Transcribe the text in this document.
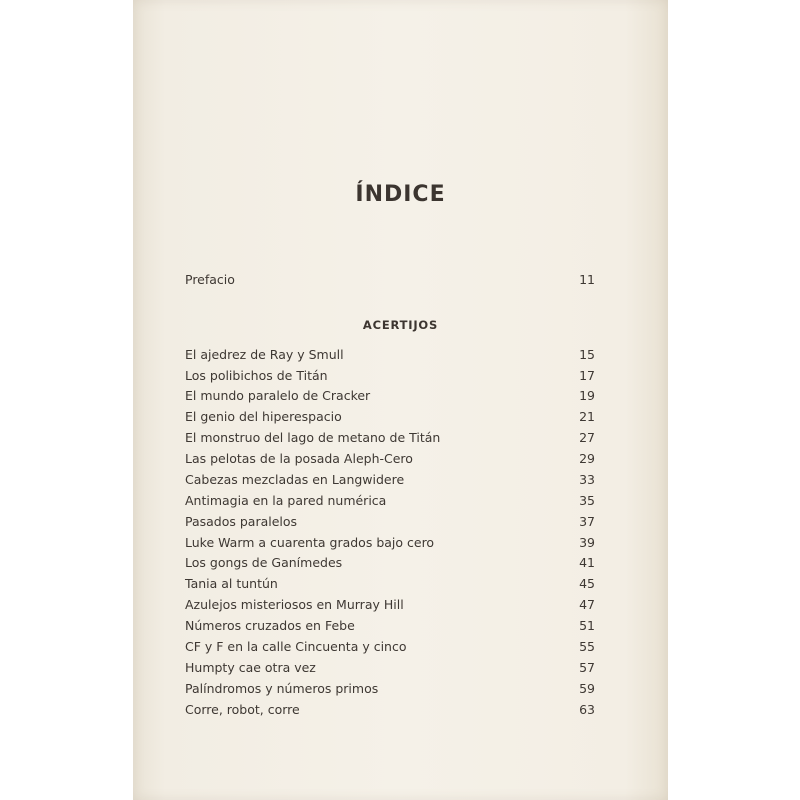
ÍNDICE
Prefacio	11
ACERTIJOS
El ajedrez de Ray y Smull	15
Los polibichos de Titán	17
El mundo paralelo de Cracker	19
El genio del hiperespacio	21
El monstruo del lago de metano de Titán	27
Las pelotas de la posada Aleph-Cero	29
Cabezas mezcladas en Langwidere	33
Antimagia en la pared numérica	35
Pasados paralelos	37
Luke Warm a cuarenta grados bajo cero	39
Los gongs de Ganímedes	41
Tania al tuntún	45
Azulejos misteriosos en Murray Hill	47
Números cruzados en Febe	51
CF y F en la calle Cincuenta y cinco	55
Humpty cae otra vez	57
Palíndromos y números primos	59
Corre, robot, corre	63
